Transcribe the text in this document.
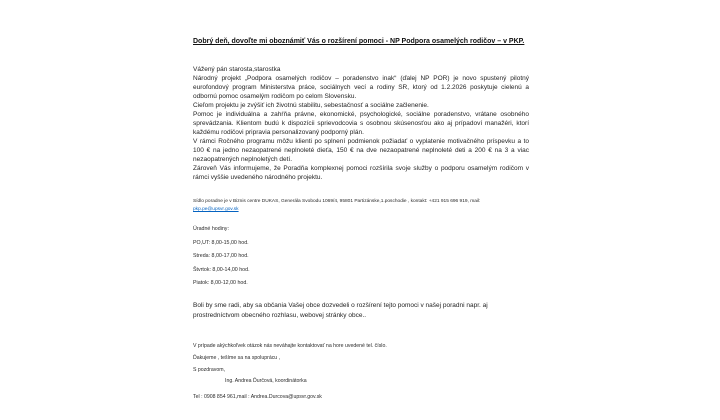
Dobrý deň, dovoľte mi oboznámiť Vás o rozšírení pomoci - NP Podpora osamelých rodičov – v PKP.

Vážený pán starosta,starostka

Národný projekt „Podpora osamelých rodičov – poradenstvo inak“ (ďalej NP POR) je novo spustený pilotný eurofondový program Ministerstva práce, sociálnych vecí a rodiny SR, ktorý od 1.2.2026 poskytuje cielenú a odbornú pomoc osamelým rodičom po celom Slovensku.

Cieľom projektu je zvýšiť ich životnú stabilitu, sebestačnosť a sociálne začlenenie.

Pomoc je individuálna a zahŕňa právne, ekonomické, psychologické, sociálne poradenstvo, vrátane osobného sprevádzania. Klientom budú k dispozícii sprievodcovia s osobnou skúsenosťou ako aj prípadoví manažéri, ktorí každému rodičovi pripravia personalizovaný podporný plán.

V rámci Ročného programu môžu klienti po splnení podmienok požiadať o vyplatenie motivačného príspevku a to 100 € na jedno nezaopatrené neplnoleté dieťa, 150 € na dve nezaopatrené neplnoleté deti a 200 € na 3 a viac nezaopatrených neplnoletých detí.

Zároveň Vás informujeme, že Poradňa komplexnej pomoci rozšírila svoje služby o podporu osamelým rodičom v rámci vyššie uvedeného národného projektu.

Sídlo poradne je v Biznis centre DUKAS, Generála Svobodu 1069/4, 95801 Partizánske,1.poschodie , kontakt: +421 915 696 919, mail:
pkp.pe@upsvr.gov.sk
Úradné hodiny:
PO,UT: 8,00-15,00 hod.
Streda: 8,00-17,00 hod.
Štvrtok: 8,00-14,00 hod.
Piatok: 8,00-12,00 hod.

Boli by sme radi, aby sa občania Vašej obce dozvedeli o rozšírení tejto pomoci v našej poradni napr. aj prostredníctvom obecného rozhlasu, webovej stránky obce..

V prípade akýchkoľvek otázok nás neváhajte kontaktovať na hore uvedené tel. číslo.
Ďakujeme , tešíme sa na spoluprácu ,
S pozdravom,
Ing. Andrea Ďurčová, koordinátorka
Tel : 0908 854 961,mail : Andrea.Durcova@upsvr.gov.sk
